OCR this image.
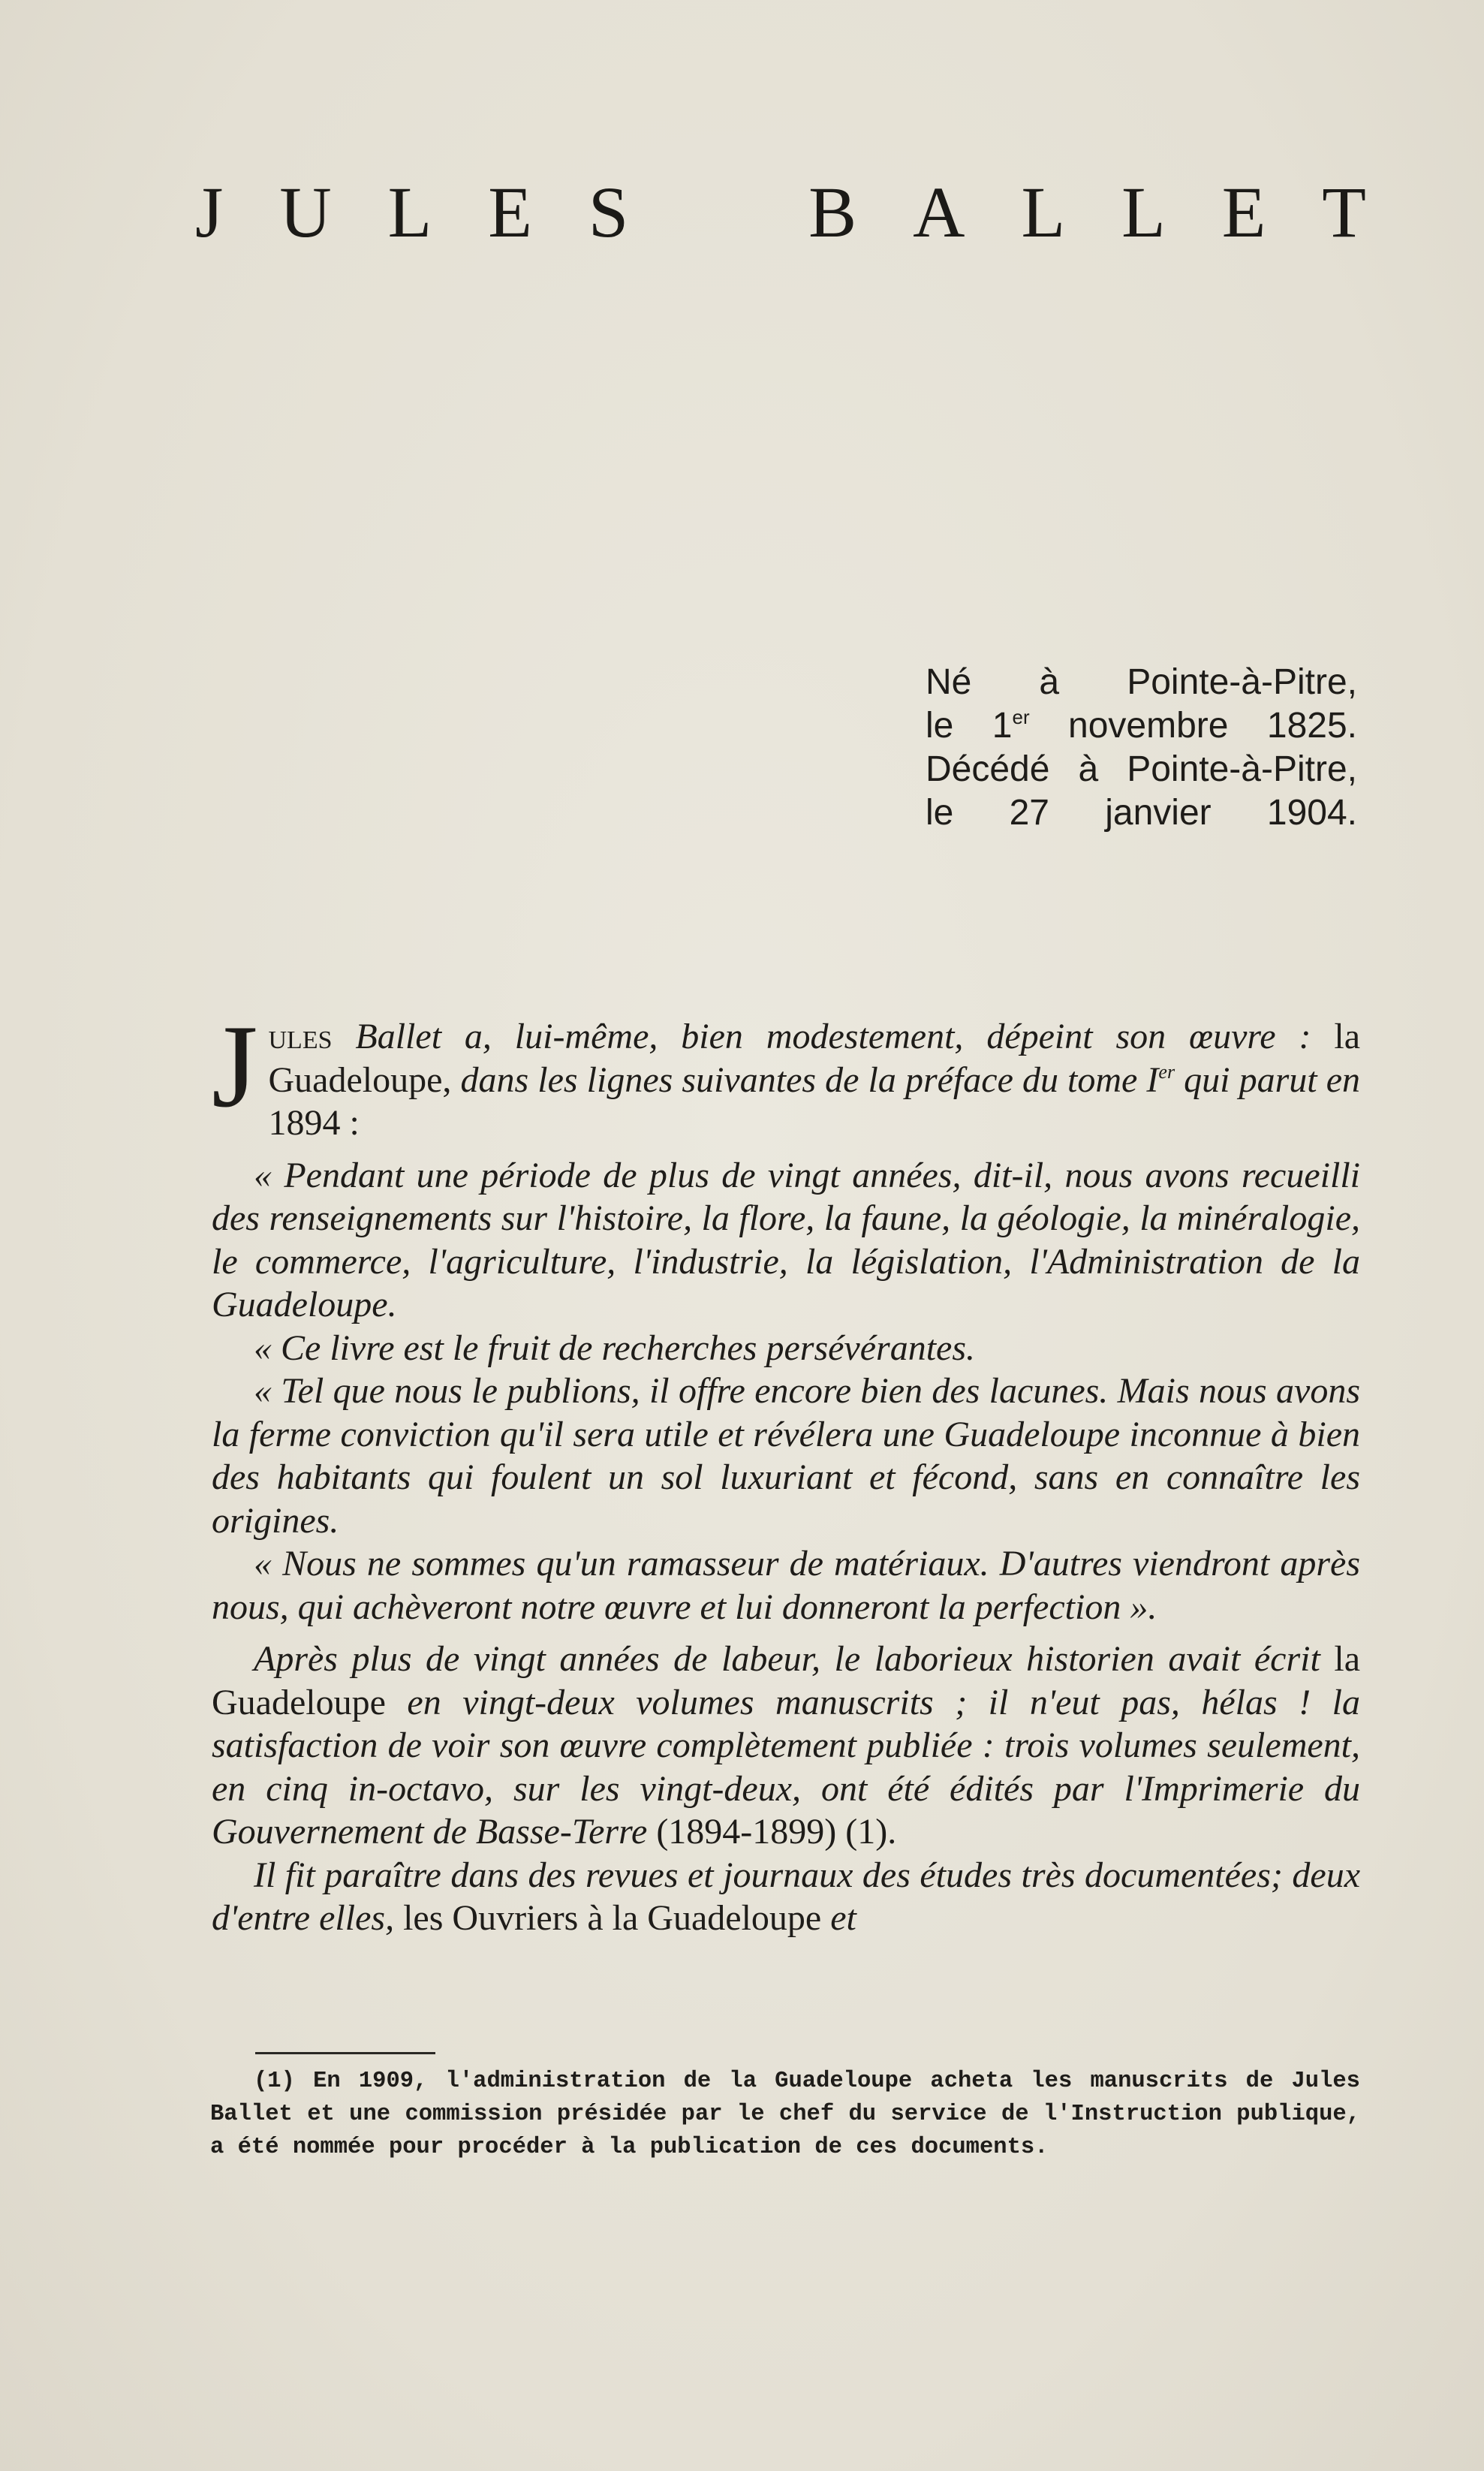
J U L E S B A L L E T
Né à Pointe-à-Pitre,
le 1er novembre 1825.
Décédé à Pointe-à-Pitre,
le 27 janvier 1904.

Jules Ballet a, lui-même, bien modestement, dépeint son œuvre : la Guadeloupe, dans les lignes suivantes de la préface du tome Ier qui parut en 1894 :

« Pendant une période de plus de vingt années, dit-il, nous avons recueilli des renseignements sur l'histoire, la flore, la faune, la géologie, la minéralogie, le commerce, l'agriculture, l'industrie, la législation, l'Administration de la Guadeloupe.

« Ce livre est le fruit de recherches persévérantes.

« Tel que nous le publions, il offre encore bien des lacunes. Mais nous avons la ferme conviction qu'il sera utile et révélera une Guadeloupe inconnue à bien des habitants qui foulent un sol luxuriant et fécond, sans en connaître les origines.

« Nous ne sommes qu'un ramasseur de matériaux. D'autres viendront après nous, qui achèveront notre œuvre et lui donneront la perfection ».

Après plus de vingt années de labeur, le laborieux historien avait écrit la Guadeloupe en vingt-deux volumes manuscrits ; il n'eut pas, hélas ! la satisfaction de voir son œuvre complètement publiée : trois volumes seulement, en cinq in-octavo, sur les vingt-deux, ont été édités par l'Imprimerie du Gouvernement de Basse-Terre (1894-1899) (1).

Il fit paraître dans des revues et journaux des études très documentées; deux d'entre elles, les Ouvriers à la Guadeloupe et

(1) En 1909, l'administration de la Guadeloupe acheta les manuscrits de Jules Ballet et une commission présidée par le chef du service de l'Instruction publique, a été nommée pour procéder à la publication de ces documents.
